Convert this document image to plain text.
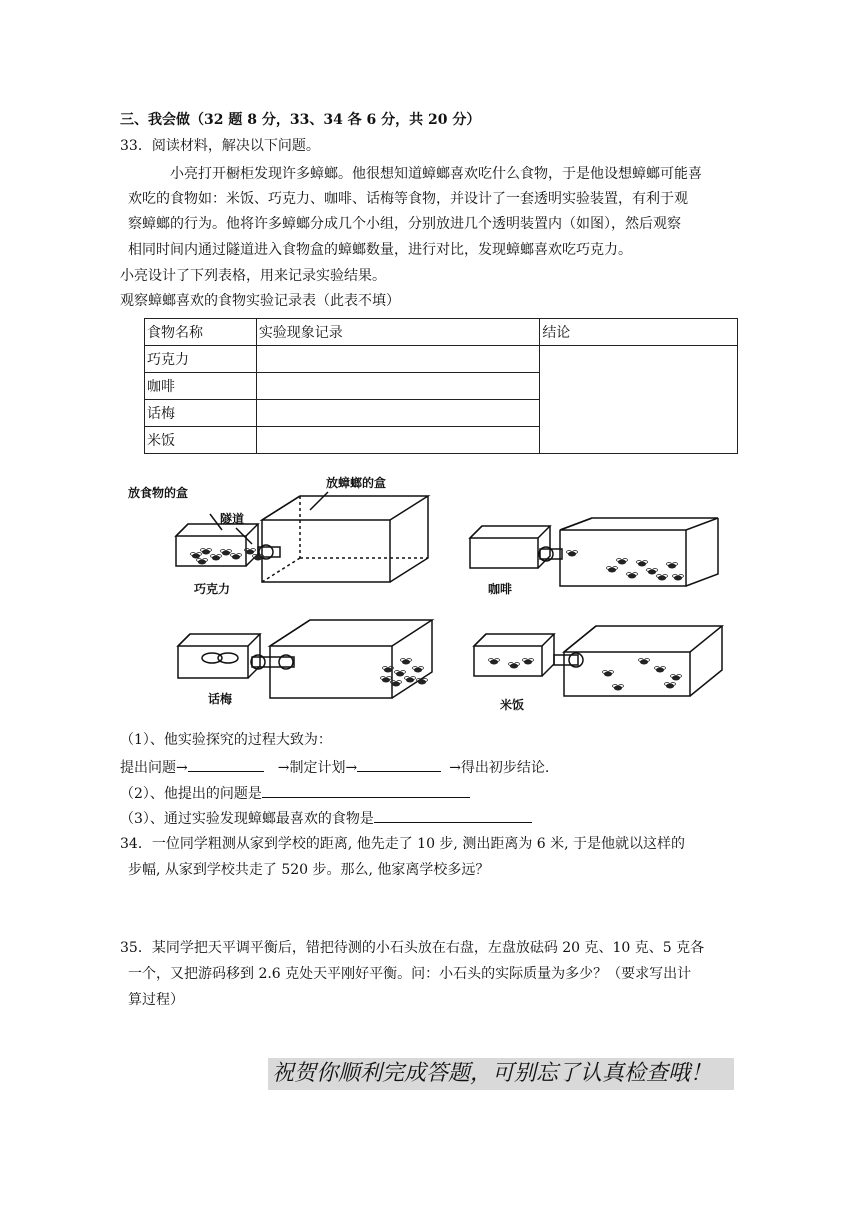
三、我会做（32 题 8 分，33、34 各 6 分，共 20 分）
33．阅读材料，解决以下问题。
小亮打开橱柜发现许多蟑螂。他很想知道蟑螂喜欢吃什么食物，于是他设想蟑螂可能喜
欢吃的食物如：米饭、巧克力、咖啡、话梅等食物，并设计了一套透明实验装置，有利于观
察蟑螂的行为。他将许多蟑螂分成几个小组，分别放进几个透明装置内（如图），然后观察
相同时间内通过隧道进入食物盒的蟑螂数量，进行对比，发现蟑螂喜欢吃巧克力。
小亮设计了下列表格，用来记录实验结果。
观察蟑螂喜欢的食物实验记录表（此表不填）
食物名称	实验现象记录	结论
巧克力		
咖啡		
话梅		
米饭		
放食物的盒
隧道
放蟑螂的盒
巧克力	咖啡
话梅	米饭
（1）、他实验探究的过程大致为：
提出问题→	→制定计划→	→得出初步结论.
（2）、他提出的问题是
（3）、通过实验发现蟑螂最喜欢的食物是
34．一位同学粗测从家到学校的距离, 他先走了 10 步, 测出距离为 6 米, 于是他就以这样的
步幅, 从家到学校共走了 520 步。那么, 他家离学校多远？
35．某同学把天平调平衡后，错把待测的小石头放在右盘，左盘放砝码 20 克、10 克、5 克各
一个，又把游码移到 2.6 克处天平刚好平衡。问：小石头的实际质量为多少？（要求写出计
算过程）
祝贺你顺利完成答题，可别忘了认真检查哦！
